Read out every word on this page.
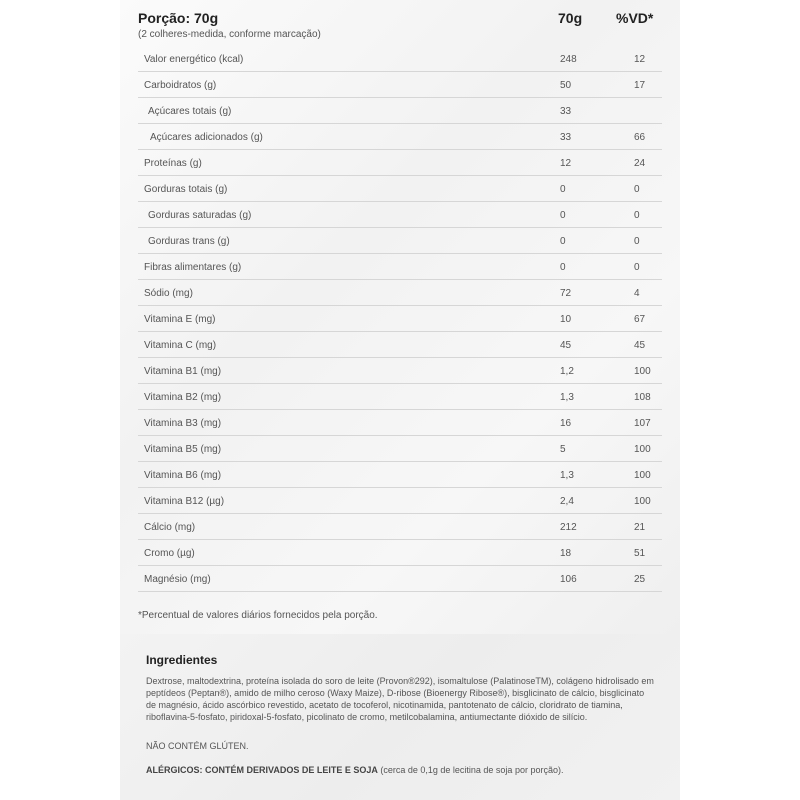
Porção: 70g
(2 colheres-medida, conforme marcação)
70g %VD*
Valor energético (kcal)	248	12
Carboidratos (g)	50	17
Açúcares totais (g)	33
Açúcares adicionados (g)	33	66
Proteínas (g)	12	24
Gorduras totais (g)	0	0
Gorduras saturadas (g)	0	0
Gorduras trans (g)	0	0
Fibras alimentares (g)	0	0
Sódio (mg)	72	4
Vitamina E (mg)	10	67
Vitamina C (mg)	45	45
Vitamina B1 (mg)	1,2	100
Vitamina B2 (mg)	1,3	108
Vitamina B3 (mg)	16	107
Vitamina B5 (mg)	5	100
Vitamina B6 (mg)	1,3	100
Vitamina B12 (µg)	2,4	100
Cálcio (mg)	212	21
Cromo (µg)	18	51
Magnésio (mg)	106	25
*Percentual de valores diários fornecidos pela porção.
Ingredientes
Dextrose, maltodextrina, proteína isolada do soro de leite (Provon®292), isomaltulose (PalatinoseTM), colágeno hidrolisado em peptídeos (Peptan®), amido de milho ceroso (Waxy Maize), D-ribose (Bioenergy Ribose®), bisglicinato de cálcio, bisglicinato de magnésio, ácido ascórbico revestido, acetato de tocoferol, nicotinamida, pantotenato de cálcio, cloridrato de tiamina, riboflavina-5-fosfato, piridoxal-5-fosfato, picolinato de cromo, metilcobalamina, antiumectante dióxido de silício.
NÃO CONTÉM GLÚTEN.
ALÉRGICOS: CONTÉM DERIVADOS DE LEITE E SOJA (cerca de 0,1g de lecitina de soja por porção).
